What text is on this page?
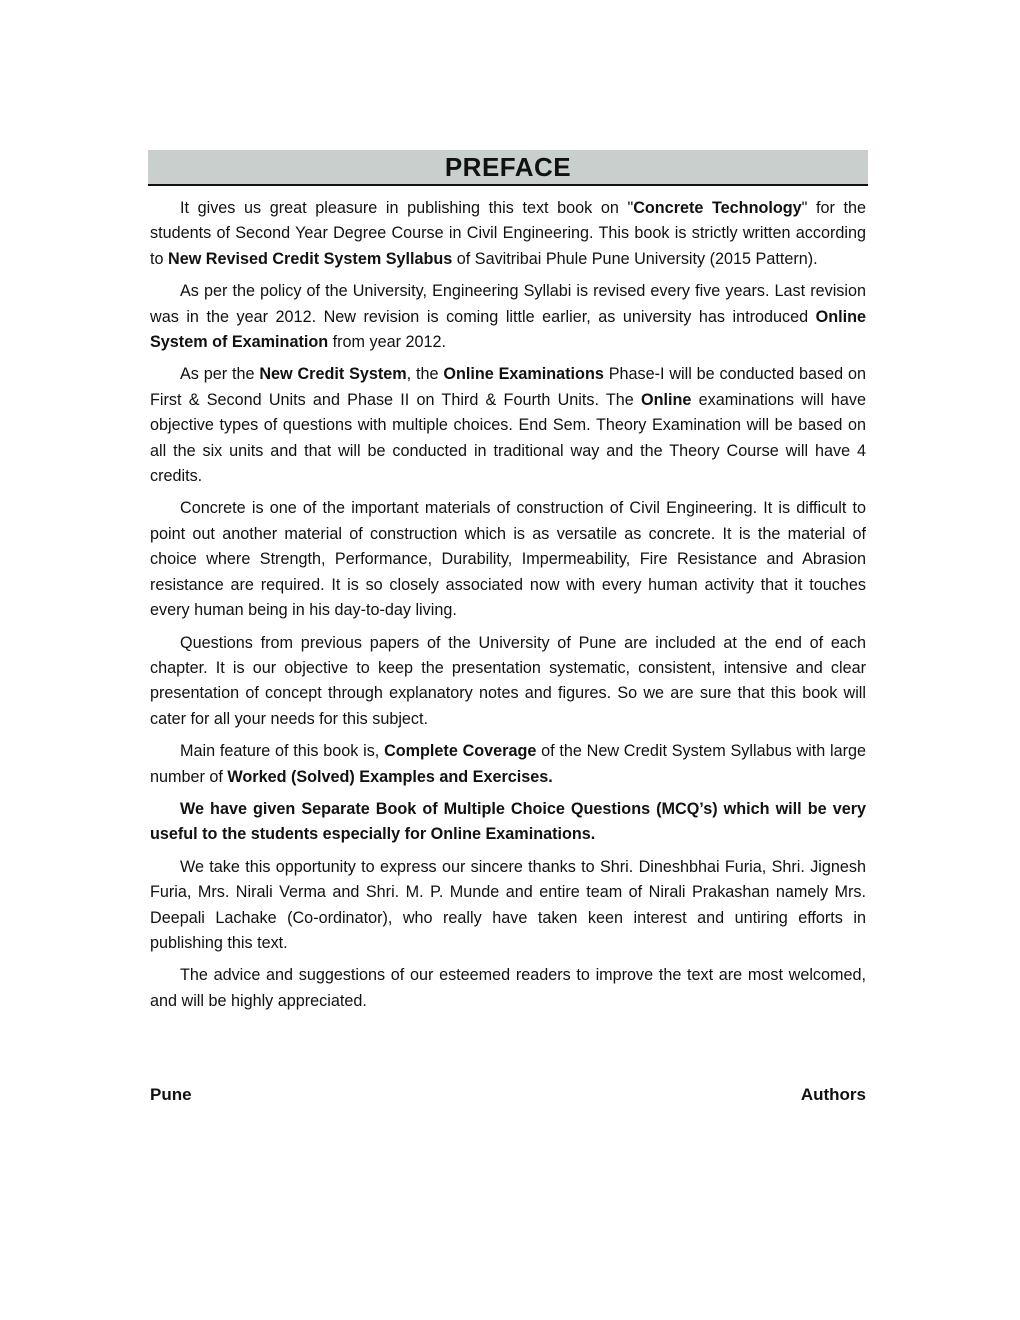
PREFACE

It gives us great pleasure in publishing this text book on "Concrete Technology" for the students of Second Year Degree Course in Civil Engineering. This book is strictly written according to New Revised Credit System Syllabus of Savitribai Phule Pune University (2015 Pattern).

As per the policy of the University, Engineering Syllabi is revised every five years. Last revision was in the year 2012. New revision is coming little earlier, as university has introduced Online System of Examination from year 2012.

As per the New Credit System, the Online Examinations Phase-I will be conducted based on First & Second Units and Phase II on Third & Fourth Units. The Online examinations will have objective types of questions with multiple choices. End Sem. Theory Examination will be based on all the six units and that will be conducted in traditional way and the Theory Course will have 4 credits.

Concrete is one of the important materials of construction of Civil Engineering. It is difficult to point out another material of construction which is as versatile as concrete. It is the material of choice where Strength, Performance, Durability, Impermeability, Fire Resistance and Abrasion resistance are required. It is so closely associated now with every human activity that it touches every human being in his day-to-day living.

Questions from previous papers of the University of Pune are included at the end of each chapter. It is our objective to keep the presentation systematic, consistent, intensive and clear presentation of concept through explanatory notes and figures. So we are sure that this book will cater for all your needs for this subject.

Main feature of this book is, Complete Coverage of the New Credit System Syllabus with large number of Worked (Solved) Examples and Exercises.

We have given Separate Book of Multiple Choice Questions (MCQ’s) which will be very useful to the students especially for Online Examinations.

We take this opportunity to express our sincere thanks to Shri. Dineshbhai Furia, Shri. Jignesh Furia, Mrs. Nirali Verma and Shri. M. P. Munde and entire team of Nirali Prakashan namely Mrs. Deepali Lachake (Co-ordinator), who really have taken keen interest and untiring efforts in publishing this text.

The advice and suggestions of our esteemed readers to improve the text are most welcomed, and will be highly appreciated.

Pune	Authors
